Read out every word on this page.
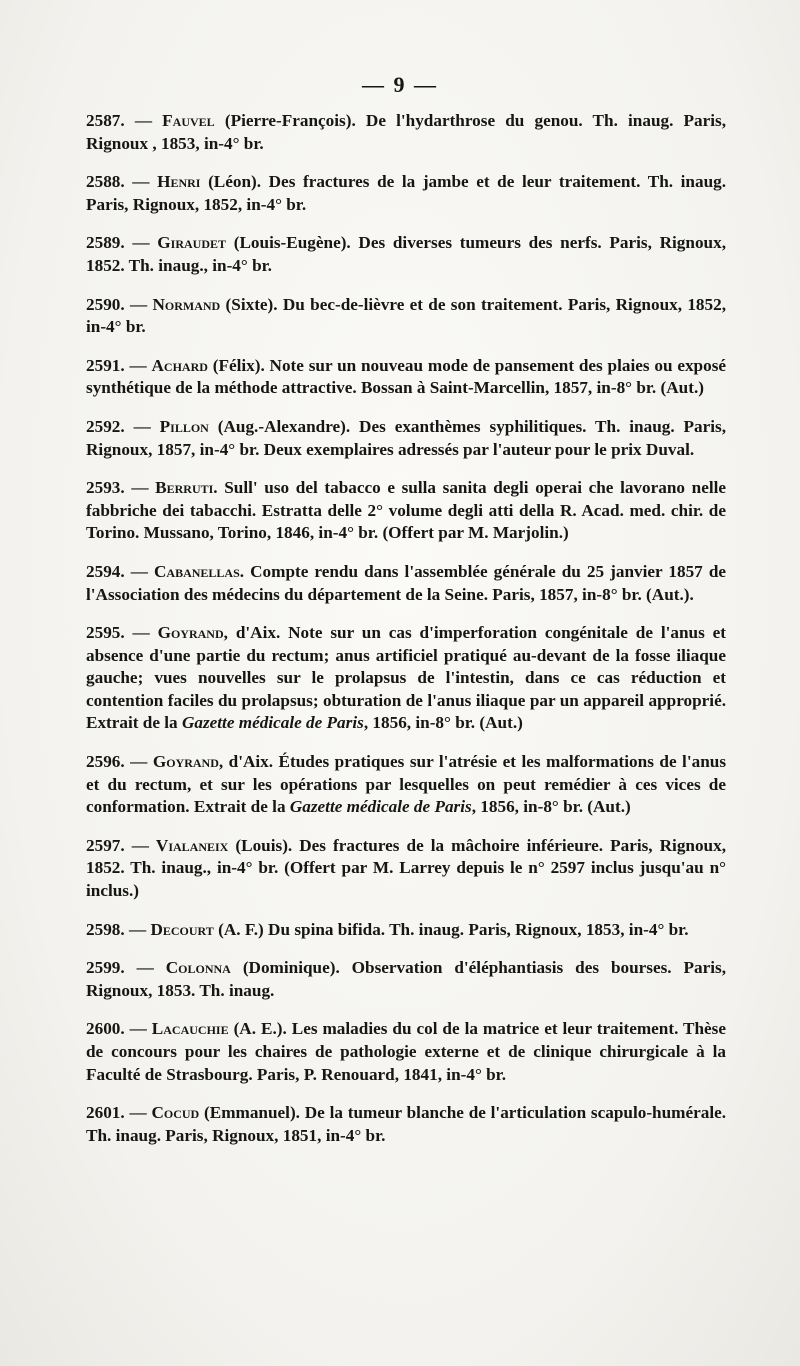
— 9 —
2587. — Fauvel (Pierre-François). De l'hydarthrose du genou. Th. inaug. Paris, Rignoux , 1853, in-4° br.
2588. — Henri (Léon). Des fractures de la jambe et de leur traitement. Th. inaug. Paris, Rignoux, 1852, in-4° br.
2589. — Giraudet (Louis-Eugène). Des diverses tumeurs des nerfs. Paris, Rignoux, 1852. Th. inaug., in-4° br.
2590. — Normand (Sixte). Du bec-de-lièvre et de son traitement. Paris, Rignoux, 1852, in-4° br.
2591. — Achard (Félix). Note sur un nouveau mode de pansement des plaies ou exposé synthétique de la méthode attractive. Bossan à Saint-Marcellin, 1857, in-8° br. (Aut.)
2592. — Pillon (Aug.-Alexandre). Des exanthèmes syphilitiques. Th. inaug. Paris, Rignoux, 1857, in-4° br. Deux exemplaires adressés par l'auteur pour le prix Duval.
2593. — Berruti. Sull' uso del tabacco e sulla sanita degli operai che lavorano nelle fabbriche dei tabacchi. Estratta delle 2° volume degli atti della R. Acad. med. chir. de Torino. Mussano, Torino, 1846, in-4° br. (Offert par M. Marjolin.)
2594. — Cabanellas. Compte rendu dans l'assemblée générale du 25 janvier 1857 de l'Association des médecins du département de la Seine. Paris, 1857, in-8° br. (Aut.).
2595. — Goyrand, d'Aix. Note sur un cas d'imperforation congénitale de l'anus et absence d'une partie du rectum; anus artificiel pratiqué au-devant de la fosse iliaque gauche; vues nouvelles sur le prolapsus de l'intestin, dans ce cas réduction et contention faciles du prolapsus; obturation de l'anus iliaque par un appareil approprié. Extrait de la Gazette médicale de Paris, 1856, in-8° br. (Aut.)
2596. — Goyrand, d'Aix. Études pratiques sur l'atrésie et les malformations de l'anus et du rectum, et sur les opérations par lesquelles on peut remédier à ces vices de conformation. Extrait de la Gazette médicale de Paris, 1856, in-8° br. (Aut.)
2597. — Vialaneix (Louis). Des fractures de la mâchoire inférieure. Paris, Rignoux, 1852. Th. inaug., in-4° br. (Offert par M. Larrey depuis le n° 2597 inclus jusqu'au n° inclus.)
2598. — Decourt (A. F.) Du spina bifida. Th. inaug. Paris, Rignoux, 1853, in-4° br.
2599. — Colonna (Dominique). Observation d'éléphantiasis des bourses. Paris, Rignoux, 1853. Th. inaug.
2600. — Lacauchie (A. E.). Les maladies du col de la matrice et leur traitement. Thèse de concours pour les chaires de pathologie externe et de clinique chirurgicale à la Faculté de Strasbourg. Paris, P. Renouard, 1841, in-4° br.
2601. — Cocud (Emmanuel). De la tumeur blanche de l'articulation scapulo-humérale. Th. inaug. Paris, Rignoux, 1851, in-4° br.
